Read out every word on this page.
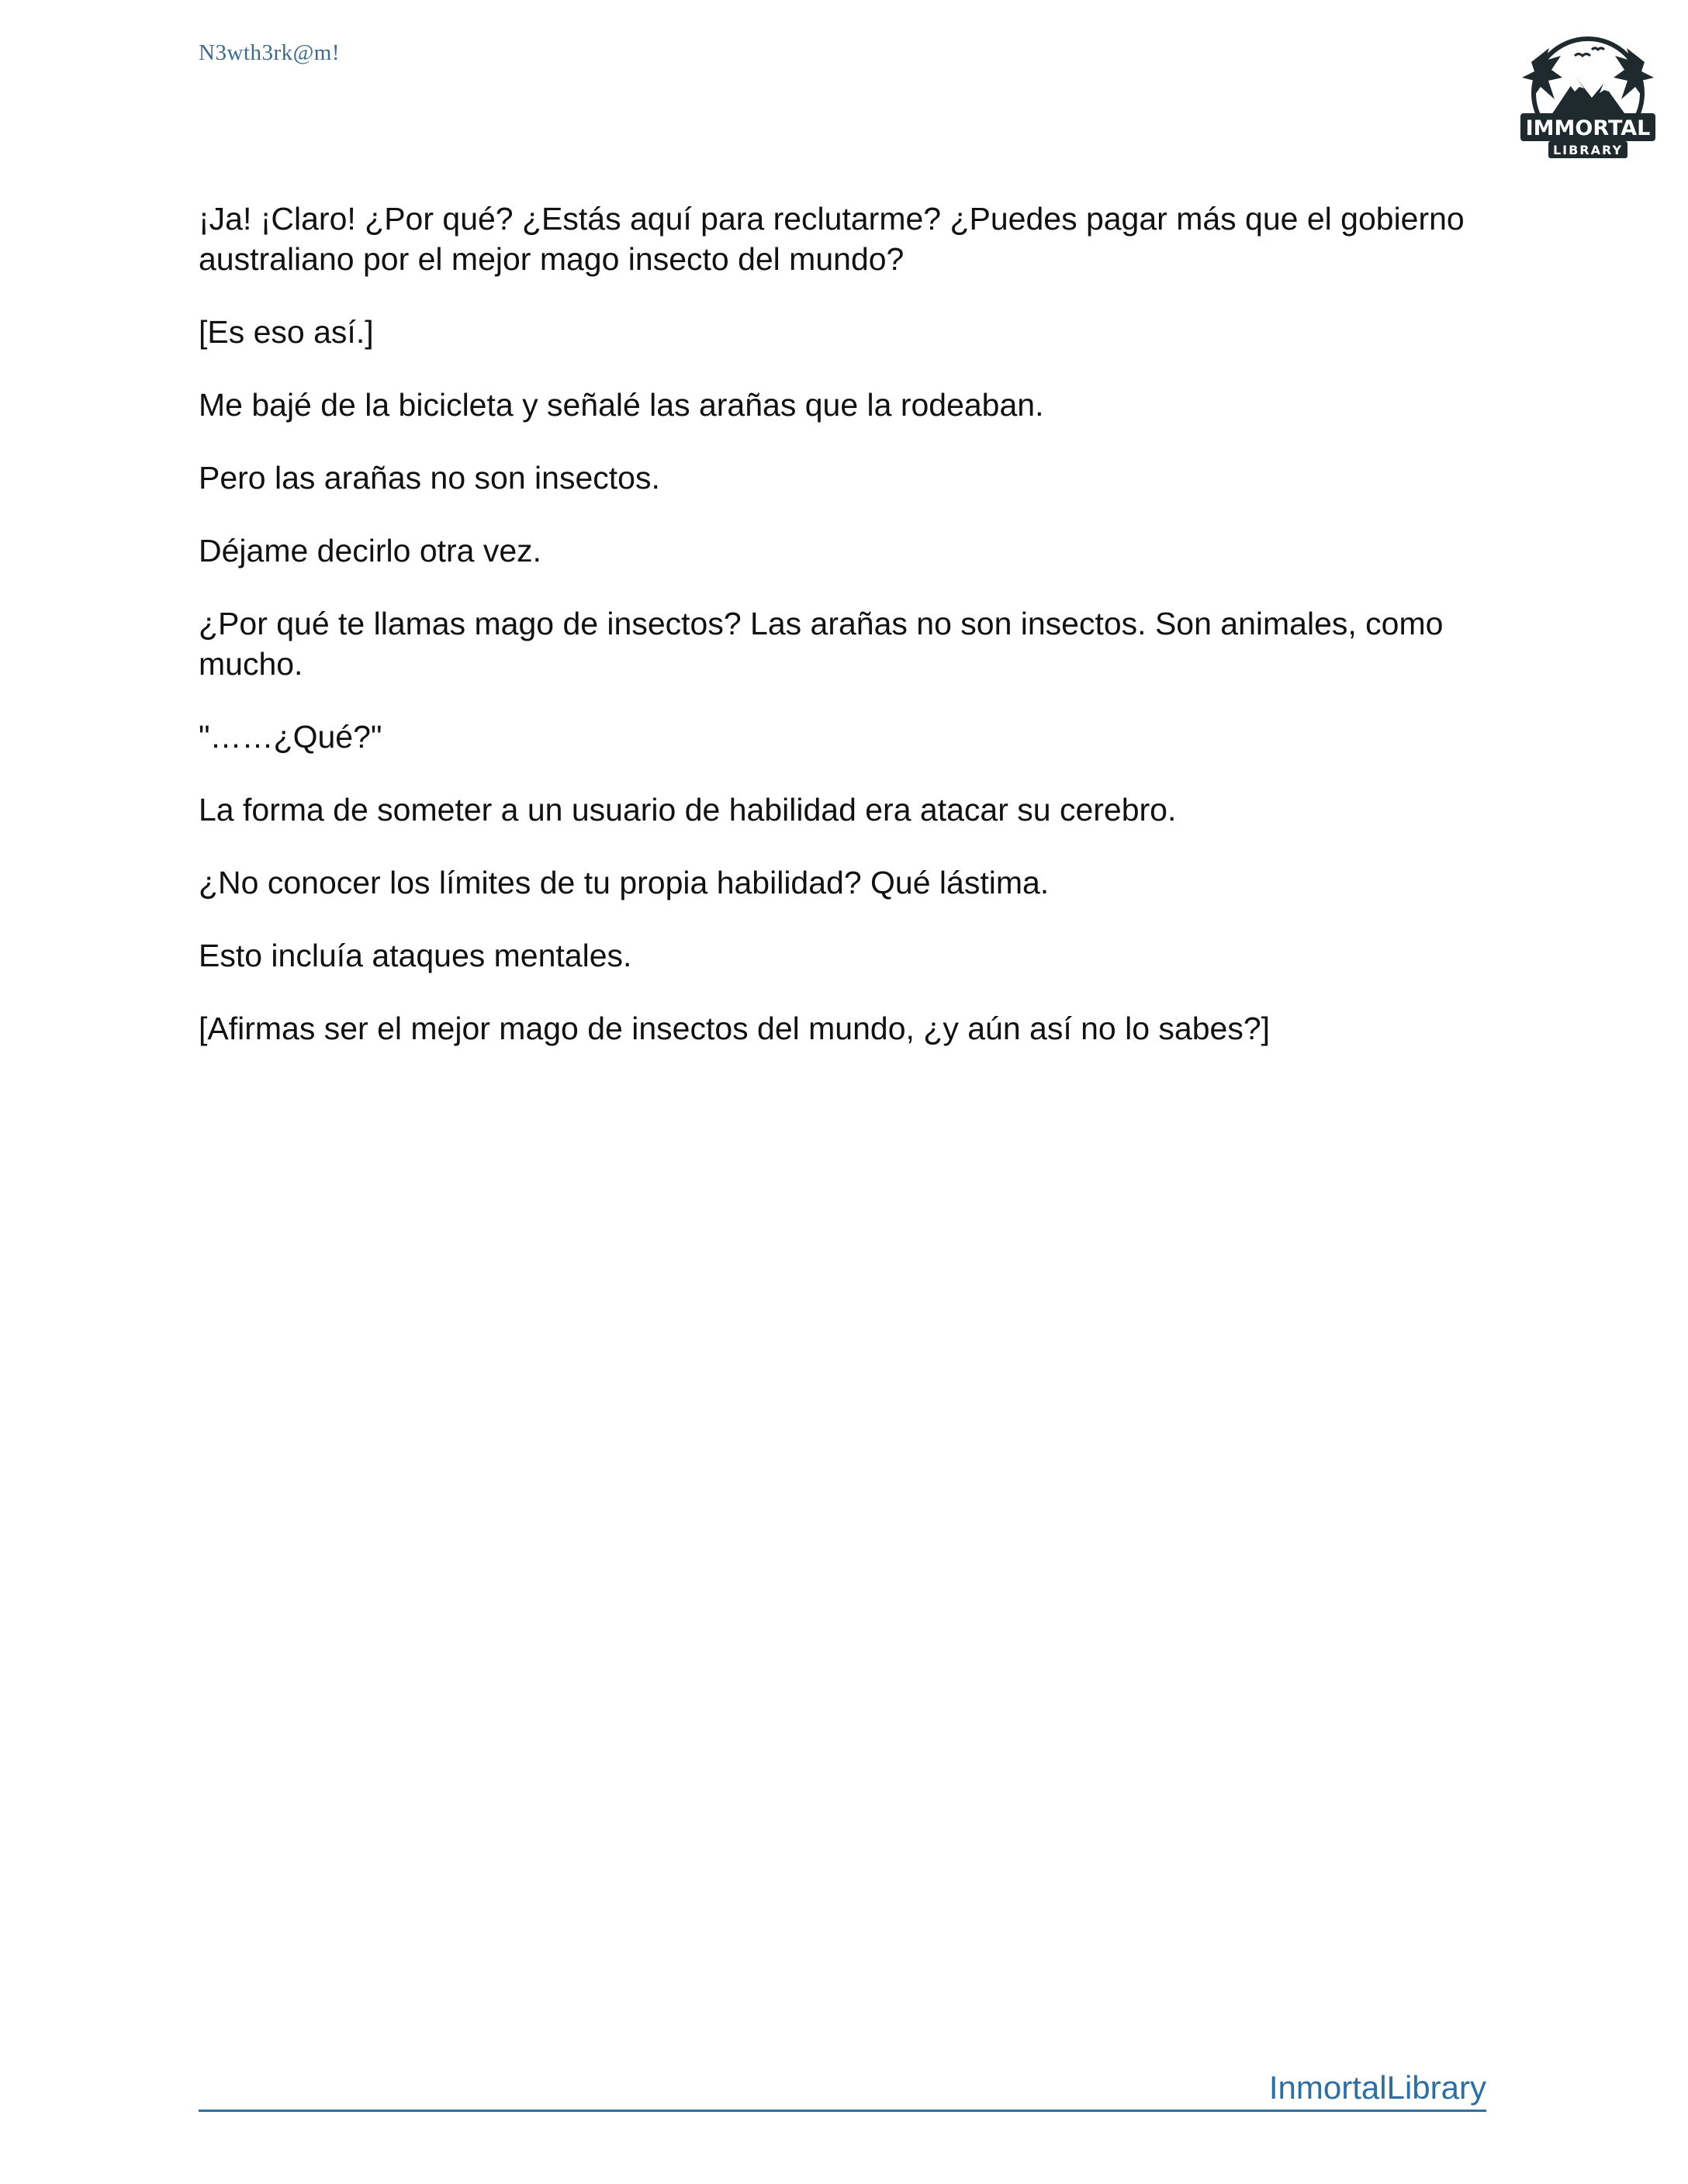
N3wth3rk@m!
IMMORTAL
LIBRARY

¡Ja! ¡Claro! ¿Por qué? ¿Estás aquí para reclutarme? ¿Puedes pagar más que el gobierno australiano por el mejor mago insecto del mundo?

[Es eso así.]

Me bajé de la bicicleta y señalé las arañas que la rodeaban.

Pero las arañas no son insectos.

Déjame decirlo otra vez.

¿Por qué te llamas mago de insectos? Las arañas no son insectos. Son animales, como mucho.

"……¿Qué?"

La forma de someter a un usuario de habilidad era atacar su cerebro.

¿No conocer los límites de tu propia habilidad? Qué lástima.

Esto incluía ataques mentales.

[Afirmas ser el mejor mago de insectos del mundo, ¿y aún así no lo sabes?]

InmortalLibrary
